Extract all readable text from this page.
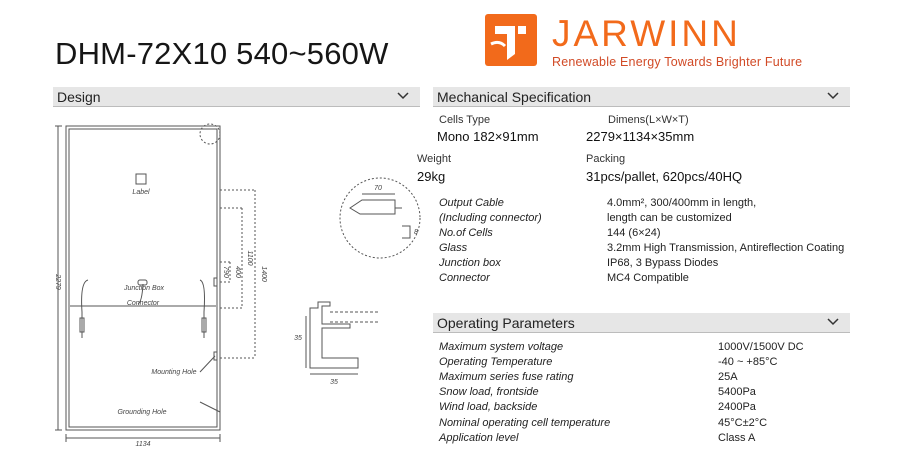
DHM-72X10 540~560W	JARWINN
Renewable Energy Towards Brighter Future
Design	Mechanical Specification
Operating Parameters
Label
Junction Box
Connector
Mounting Hole
Grounding Hole
1134
2279
1400
1100
400
790
70
8
35
35
Cells Type
Mono 182×91mm
Dimens(L×W×T)
2279×1134×35mm
Weight
29kg
Packing
31pcs/pallet, 620pcs/40HQ
Output Cable	4.0mm², 300/400mm in length,
(Including connector)	length can be customized
No.of Cells	144 (6×24)
Glass	3.2mm High Transmission, Antireflection Coating
Junction box	IP68, 3 Bypass Diodes
Connector	MC4 Compatible
Maximum system voltage	1000V/1500V DC
Operating Temperature	-40 ~ +85°C
Maximum series fuse rating	25A
Snow load, frontside	5400Pa
Wind load, backside	2400Pa
Nominal operating cell temperature	45°C±2°C
Application level	Class A
